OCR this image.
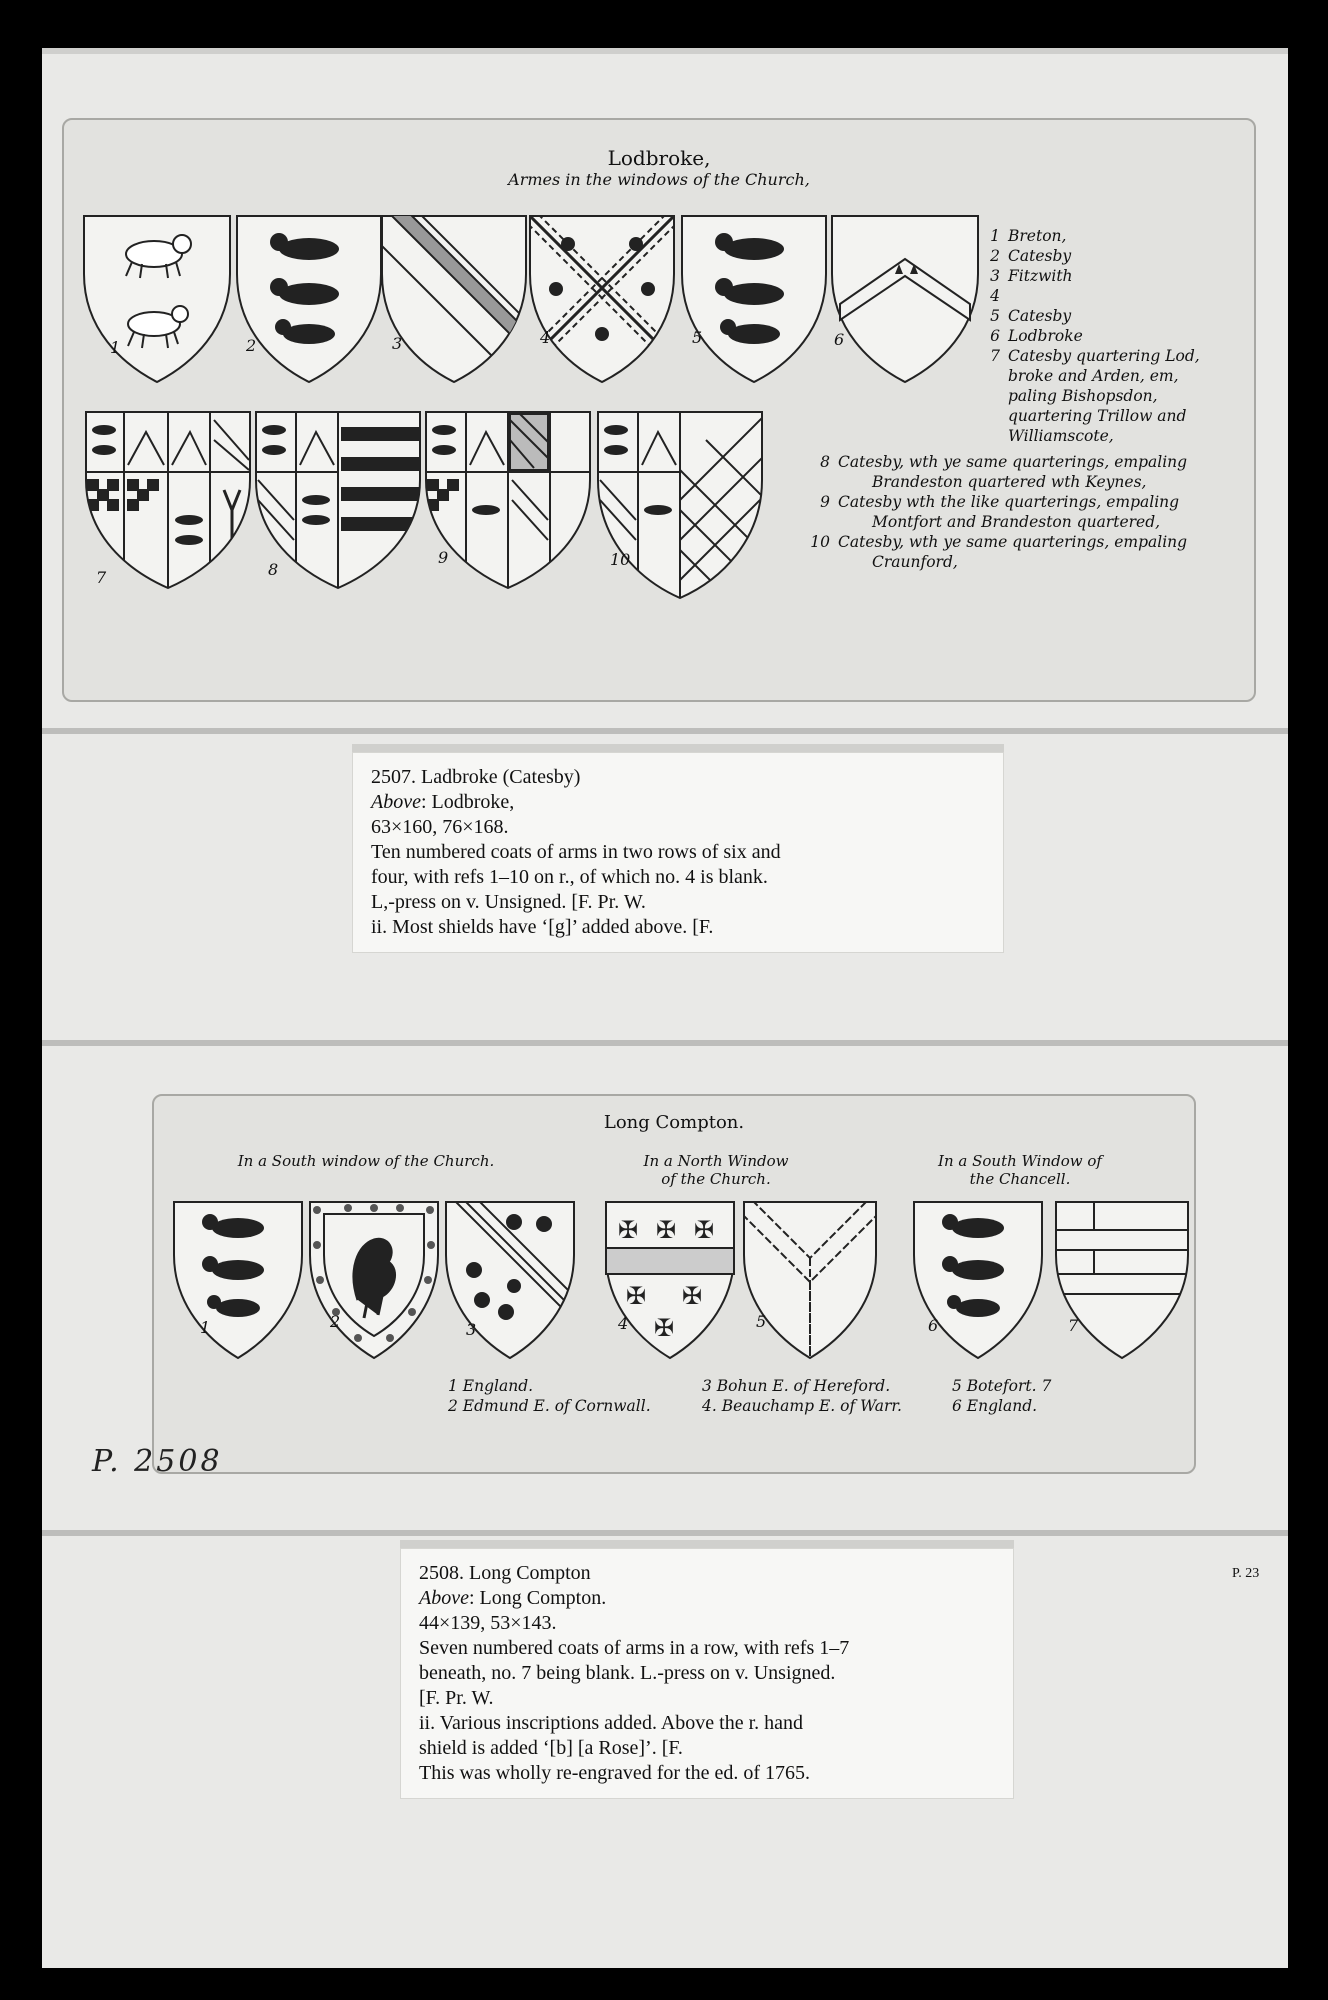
Lodbroke,
Armes in the windows of the Church,
1	2	3	4	5	6
7	8
9	10
1 Breton,
2 Catesby
3 Fitzwith
4
5 Catesby
6 Lodbroke
7 Catesby quartering Lod,
broke and Arden, em,
paling Bishopsdon,
quartering Trillow and
Williamscote,
8 Catesby, wth ye same quarterings, empaling
Brandeston quartered wth Keynes,
9 Catesby wth the like quarterings, empaling
Montfort and Brandeston quartered,
10 Catesby, wth ye same quarterings, empaling
Craunford,
2507. Ladbroke (Catesby)
Above: Lodbroke,
63×160, 76×168.
Ten numbered coats of arms in two rows of six and
four, with refs 1–10 on r., of which no. 4 is blank.
L,-press on v. Unsigned. [F. Pr. W.
ii. Most shields have ‘[g]’ added above. [F.
Long Compton.
In a South window of the Church.	In a North Window
of the Church.
In a South Window of
the Chancell.
1	2	3
✠ ✠ ✠
✠ ✠
✠
4	5	6	7
1 England.
2 Edmund E. of Cornwall.
3 Bohun E. of Hereford.
4. Beauchamp E. of Warr.
5 Botefort. 7
6 England.
P. 2508
2508. Long Compton
Above: Long Compton.
44×139, 53×143.
Seven numbered coats of arms in a row, with refs 1–7
beneath, no. 7 being blank. L.-press on v. Unsigned.
[F. Pr. W.
ii. Various inscriptions added. Above the r. hand
shield is added ‘[b] [a Rose]’. [F.
This was wholly re-engraved for the ed. of 1765.
P. 23
